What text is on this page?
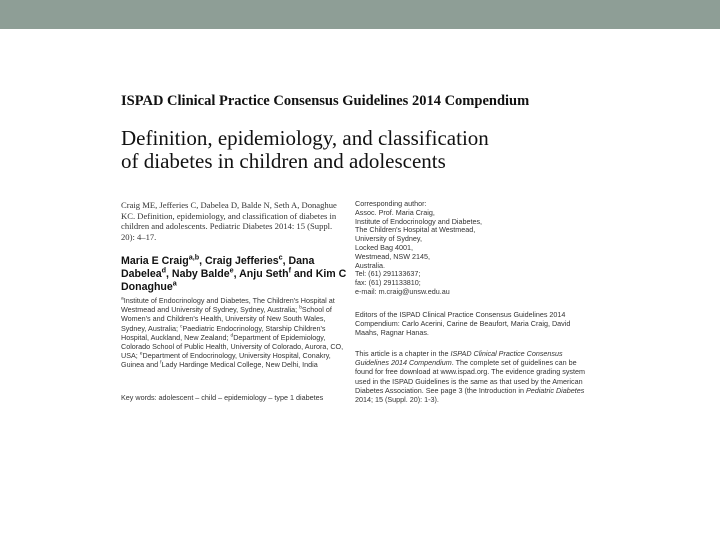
ISPAD Clinical Practice Consensus Guidelines 2014 Compendium
Definition, epidemiology, and classification
of diabetes in children and adolescents
Craig ME, Jefferies C, Dabelea D, Balde N, Seth A, Donaghue KC. Definition, epidemiology, and classification of diabetes in children and adolescents. Pediatric Diabetes 2014: 15 (Suppl. 20): 4–17.
Maria E Craig$^{a,b}$, Craig Jefferies$^c$, Dana Dabelea$^d$, Naby Balde$^e$, Anju Seth$^f$ and Kim C Donaghue$^a$
$^a$Institute of Endocrinology and Diabetes, The Children's Hospital at Westmead and University of Sydney, Sydney, Australia; $^b$School of Women's and Children's Health, University of New South Wales, Sydney, Australia; $^c$Paediatric Endocrinology, Starship Children's Hospital, Auckland, New Zealand; $^d$Department of Epidemiology, Colorado School of Public Health, University of Colorado, Aurora, CO, USA; $^e$Department of Endocrinology, University Hospital, Conakry, Guinea and $^f$Lady Hardinge Medical College, New Delhi, India
Key words: adolescent – child – epidemiology – type 1 diabetes
Corresponding author:
Assoc. Prof. Maria Craig,
Institute of Endocrinology and Diabetes,
The Children's Hospital at Westmead,
University of Sydney,
Locked Bag 4001,
Westmead, NSW 2145,
Australia.
Tel: (61) 291133637;
fax: (61) 291133810;
e-mail: m.craig@unsw.edu.au
Editors of the ISPAD Clinical Practice Consensus Guidelines 2014 Compendium: Carlo Acerini, Carine de Beaufort, Maria Craig, David Maahs, Ragnar Hanas.
This article is a chapter in the ISPAD Clinical Practice Consensus Guidelines 2014 Compendium. The complete set of guidelines can be found for free download at www.ispad.org. The evidence grading system used in the ISPAD Guidelines is the same as that used by the American Diabetes Association. See page 3 (the Introduction in Pediatric Diabetes 2014; 15 (Suppl. 20): 1-3).
